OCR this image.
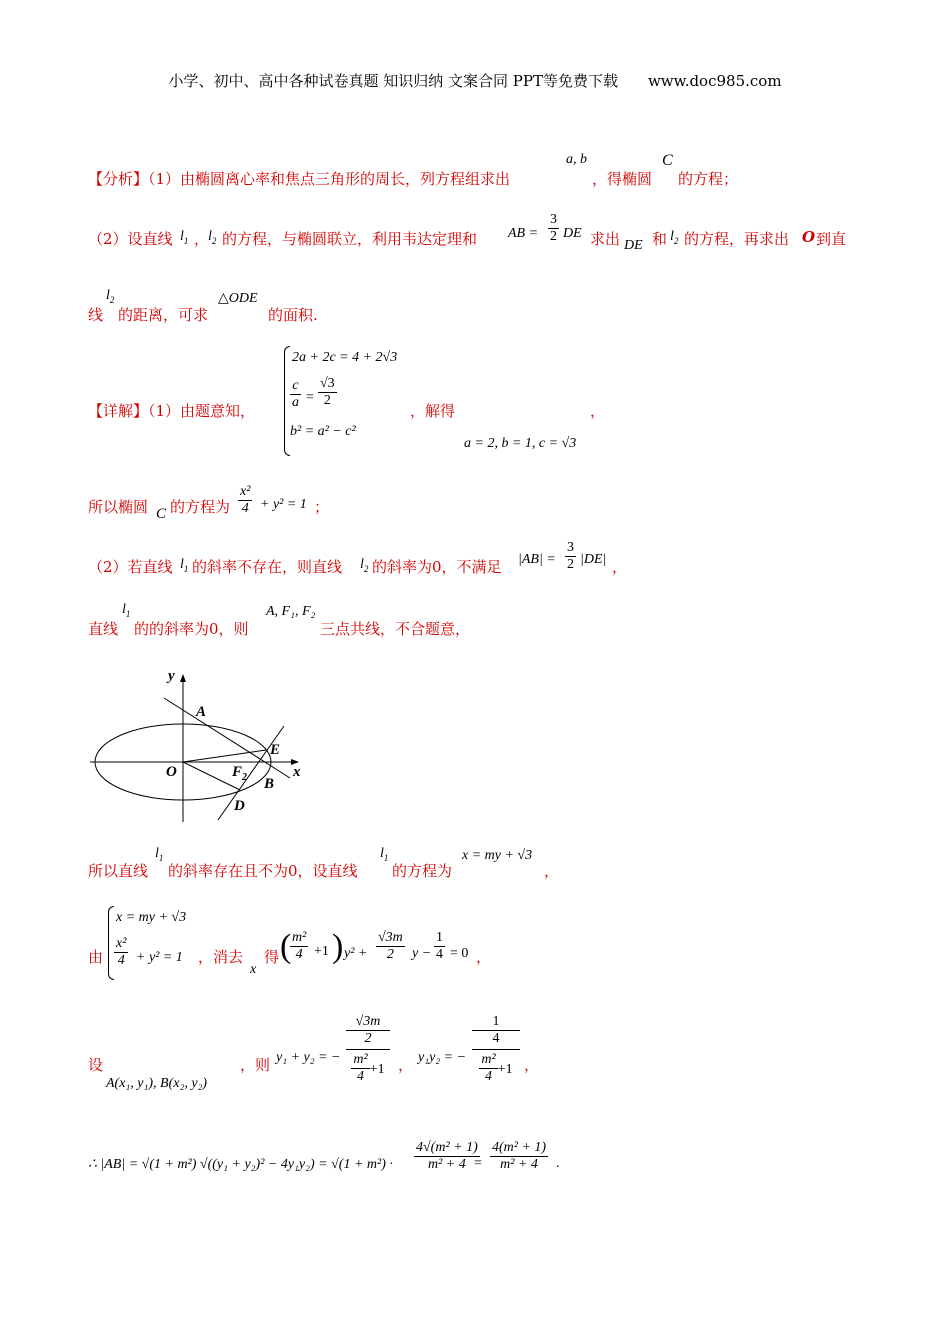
小学、初中、高中各种试卷真题 知识归纳 文案合同 PPT等免费下载　　www.doc985.com
【分析】（1）由椭圆离心率和焦点三角形的周长，列方程组求出
a, b
，得椭圆
C
的方程；
（2）设直线 $l_1$ ，
$l_2$ 的方程，与椭圆联立，利用韦达定理和 AB = $\frac{3}{2}$ DE 求出 DE 和 $l_2$ 的方程，再求出 O 到直
线
$l_2$
的距离，可求
△ODE
的面积.
【详解】（1）由题意知，
2a + 2c = 4 + 2√3
$\frac{c}{a} = \frac{√3}{2}$
b² = a² − c²
，解得	，
a = 2, b = 1, c = √3
所以椭圆 C 的方程为 $\frac{\text{x²}}{4} + y^2 = 1$ ；
（2）若直线 $l_1$ 的斜率不存在，则直线 $l_2$ 的斜率为0，不满足 $|AB| = \frac{3}{2} |DE|$ ，
直线
$l_1$
的的斜率为0，则
A, F₁, F₂
三点共线，不合题意，
y
x
O
A
E
$F_2$ B
D
所以直线
$l_1$
的斜率存在且不为0，设直线
$l_1$
的方程为
x = my + √3
，
由
x = my + √3
$\frac{\text{x²}}{4} + y^2 = 1$ ，消去
x
得 (
$\frac{\text{m²}}{4} +1$ ) $y^2 + \frac{√3m}{2}$ $y - \frac{1}{4} = 0$ ，
设
A(x₁, y₁), B(x₂, y₂)
，则 y₁ + y₂ = − √3m
2
$\frac{\text{m²}}{4} +1$ ， y₁y₂ = − 1
4
$\frac{\text{m²}}{4} +1$ ，
∴ |AB| = √(1 + m²) $√((y_1 + y_2)^2 - 4y_1y_2) = √(1 + m^2) \cdot \frac{\text{4√(m² + 1)}}{\text{m² + 4}}$
= $\frac{\text{4(m² + 1)}}{\text{m² + 4}}$ .
